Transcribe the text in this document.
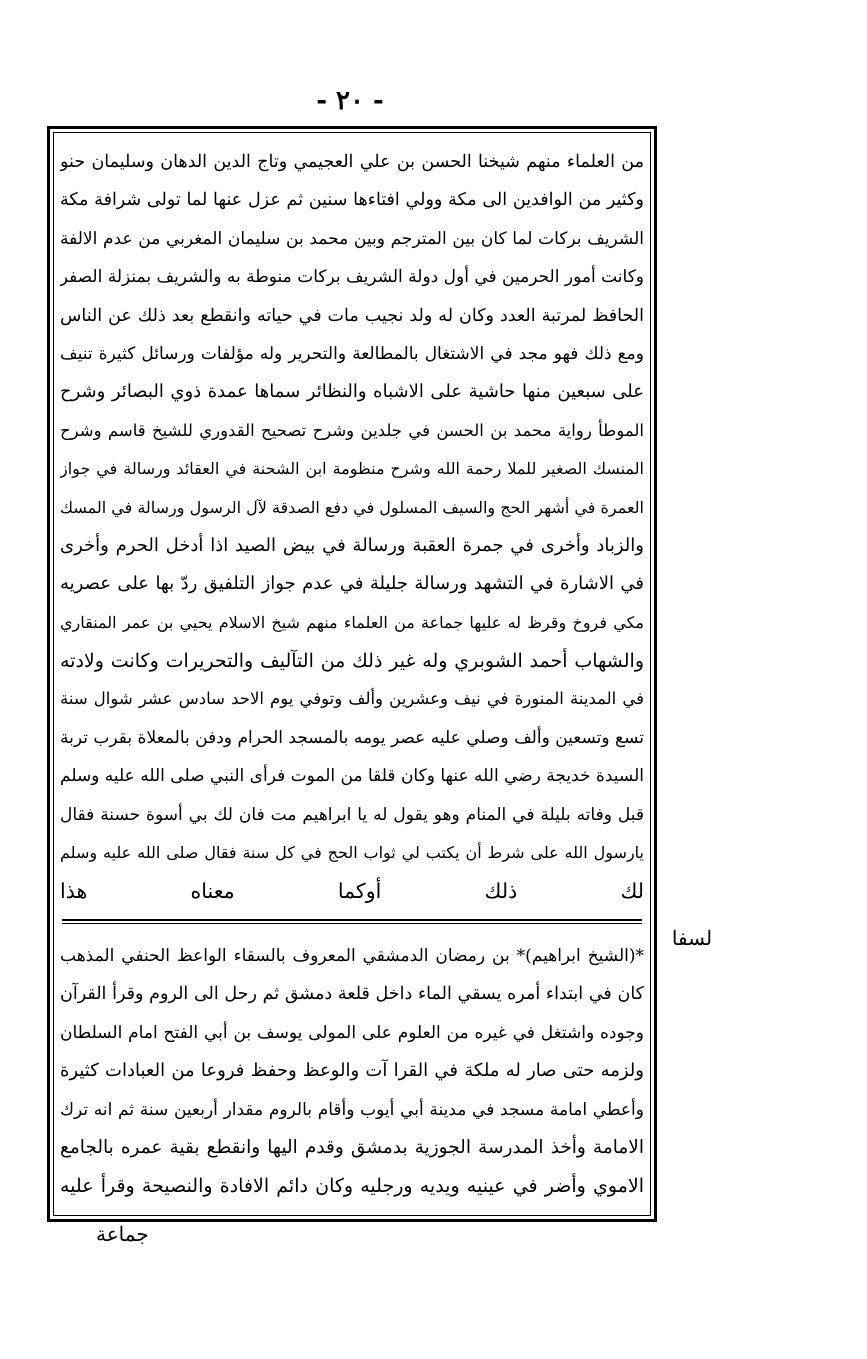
- ٢٠ -
من العلماء منهم شيخنا الحسن بن علي العجيمي وتاج الدين الدهان وسليمان حنو
وكثير من الوافدين الى مكة وولي افتاءها سنين ثم عزل عنها لما تولى شرافة مكة
الشريف بركات لما كان بين المترجم وبين محمد بن سليمان المغربي من عدم الالفة
وكانت أمور الحرمين في أول دولة الشريف بركات منوطة به والشريف بمنزلة الصفر
الحافظ لمرتبة العدد وكان له ولد نجيب مات في حياته وانقطع بعد ذلك عن الناس
ومع ذلك فهو مجد في الاشتغال بالمطالعة والتحرير وله مؤلفات ورسائل كثيرة تنيف
على سبعين منها حاشية على الاشباه والنظائر سماها عمدة ذوي البصائر وشرح
الموطأ رواية محمد بن الحسن في جلدين وشرح تصحيح القدوري للشيخ قاسم وشرح
المنسك الصغير للملا رحمة الله وشرح منظومة ابن الشحنة في العقائد ورسالة في جواز
العمرة في أشهر الحج والسيف المسلول في دفع الصدقة لآل الرسول ورسالة في المسك
والزباد وأخرى في جمرة العقبة ورسالة في بيض الصيد اذا أدخل الحرم وأخرى
في الاشارة في التشهد ورسالة جليلة في عدم جواز التلفيق ردّ بها على عصريه
مكي فروخ وقرظ له عليها جماعة من العلماء منهم شيخ الاسلام يحيي بن عمر المنقاري
والشهاب أحمد الشوبري وله غير ذلك من التآليف والتحريرات وكانت ولادته
في المدينة المنورة في نيف وعشرين وألف وتوفي يوم الاحد سادس عشر شوال سنة
تسع وتسعين وألف وصلي عليه عصر يومه بالمسجد الحرام ودفن بالمعلاة بقرب تربة
السيدة خديجة رضي الله عنها وكان قلقا من الموت فرأى النبي صلى الله عليه وسلم
قبل وفاته بليلة في المنام وهو يقول له يا ابراهيم مت فان لك بي أسوة حسنة فقال
يارسول الله على شرط أن يكتب لي ثواب الحج في كل سنة فقال صلى الله عليه وسلم
لك ذلك أوكما معناه هذا
*(الشيخ ابراهيم)* بن رمضان الدمشقي المعروف بالسقاء الواعظ الحنفي المذهب
كان في ابتداء أمره يسقي الماء داخل قلعة دمشق ثم رحل الى الروم وقرأ القرآن
وجوده واشتغل في غيره من العلوم على المولى يوسف بن أبي الفتح امام السلطان
ولزمه حتى صار له ملكة في القرا آت والوعظ وحفظ فروعا من العبادات كثيرة
وأعطي امامة مسجد في مدينة أبي أيوب وأقام بالروم مقدار أربعين سنة ثم انه ترك
الامامة وأخذ المدرسة الجوزية بدمشق وقدم اليها وانقطع بقية عمره بالجامع
الاموي وأضر في عينيه ويديه ورجليه وكان دائم الافادة والنصيحة وقرأ عليه
لسفا
جماعة
